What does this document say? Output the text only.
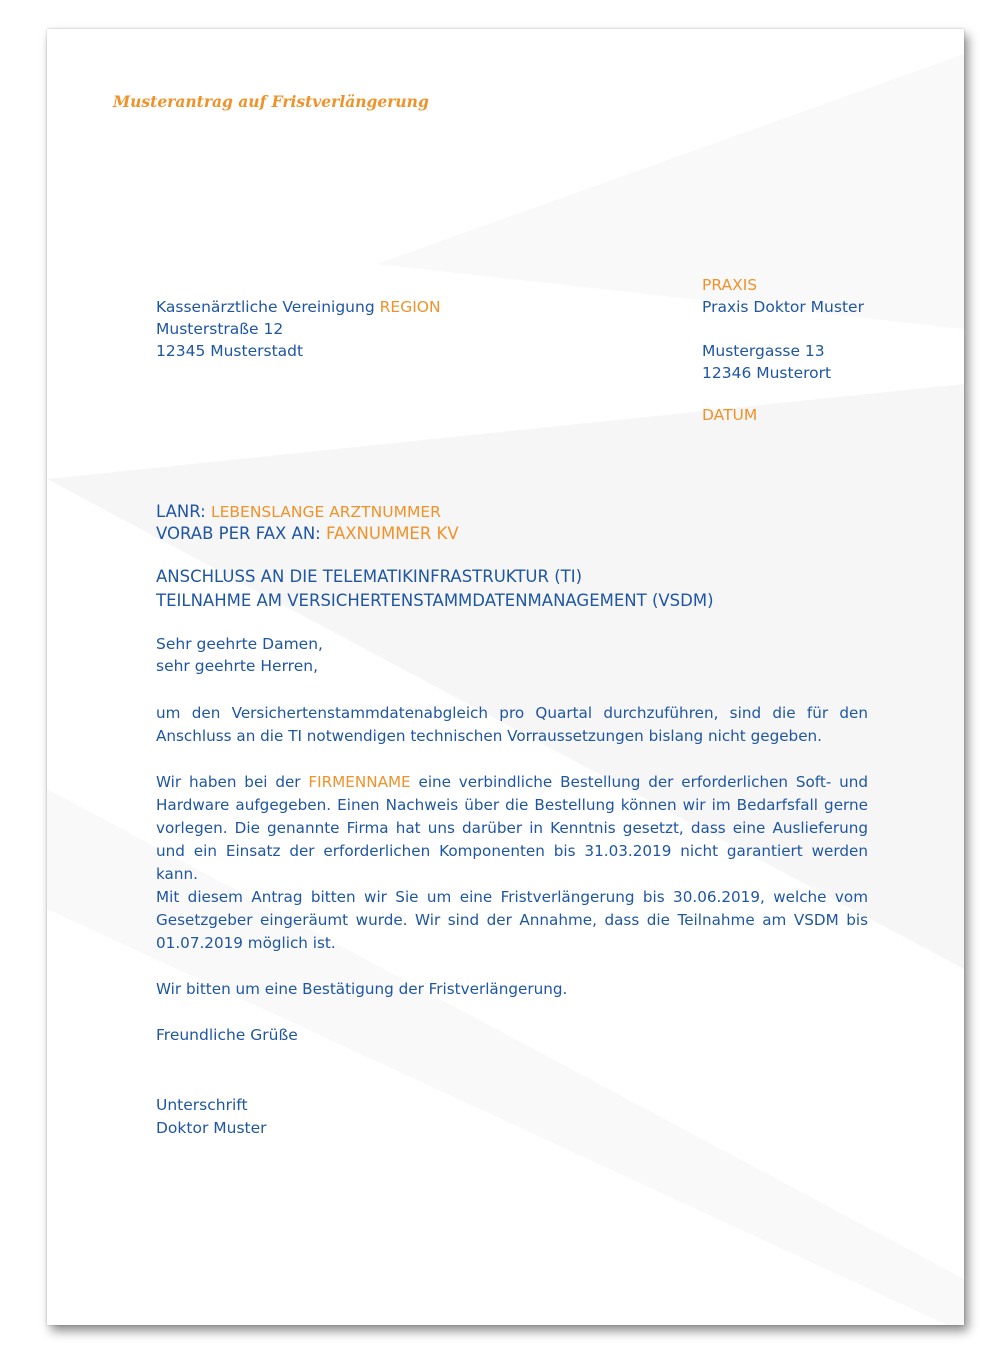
Musterantrag auf Fristverlängerung

Kassenärztliche Vereinigung REGION

Musterstraße 12

12345 Musterstadt

PRAXIS

Praxis Doktor Muster

Mustergasse 13

12346 Musterort

DATUM

LANR: LEBENSLANGE ARZTNUMMER

VORAB PER FAX AN: FAXNUMMER KV

ANSCHLUSS AN DIE TELEMATIKINFRASTRUKTUR (TI)

TEILNAHME AM VERSICHERTENSTAMMDATENMANAGEMENT (VSDM)

Sehr geehrte Damen,

sehr geehrte Herren,

um den Versichertenstammdatenabgleich pro Quartal durchzuführen, sind die für den Anschluss an die TI notwendigen technischen Vorraussetzungen bislang nicht gegeben.

Wir haben bei der FIRMENNAME eine verbindliche Bestellung der erforderlichen Soft- und Hardware aufgegeben. Einen Nachweis über die Bestellung können wir im Bedarfsfall gerne vorlegen. Die genannte Firma hat uns darüber in Kenntnis gesetzt, dass eine Auslieferung und ein Einsatz der erforderlichen Komponenten bis 31.03.2019 nicht garantiert werden kann.

Mit diesem Antrag bitten wir Sie um eine Fristverlängerung bis 30.06.2019, welche vom Gesetzgeber eingeräumt wurde. Wir sind der Annahme, dass die Teilnahme am VSDM bis 01.07.2019 möglich ist.

Wir bitten um eine Bestätigung der Fristverlängerung.

Freundliche Grüße

Unterschrift

Doktor Muster
